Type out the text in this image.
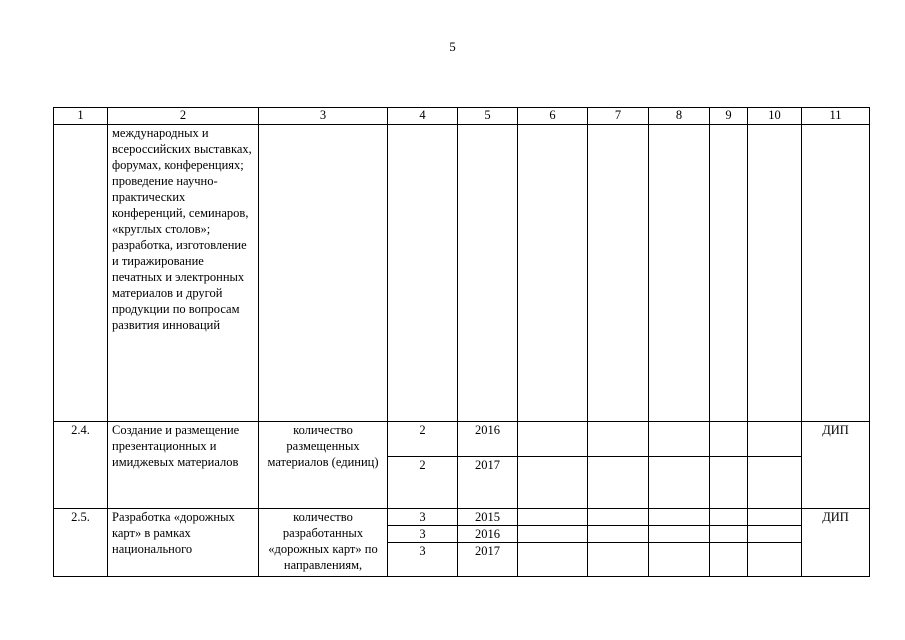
5
1	2	3	4	5	6	7	8	9	10	11
	международных и всероссийских выставках, форумах, конференциях; проведение научно-практических конференций, семинаров, «круглых столов»; разработка, изготовление и тиражирование печатных и электронных материалов и другой продукции по вопросам развития инноваций									
2.4.	Создание и размещение презентационных и имиджевых материалов	количество размещенных материалов (единиц)	2	2016						ДИП
			2	2017						
2.5.	Разработка «дорожных карт» в рамках национального	количество разработанных «дорожных карт» по направлениям,	3	2015						ДИП
			3	2016						
			3	2017						
